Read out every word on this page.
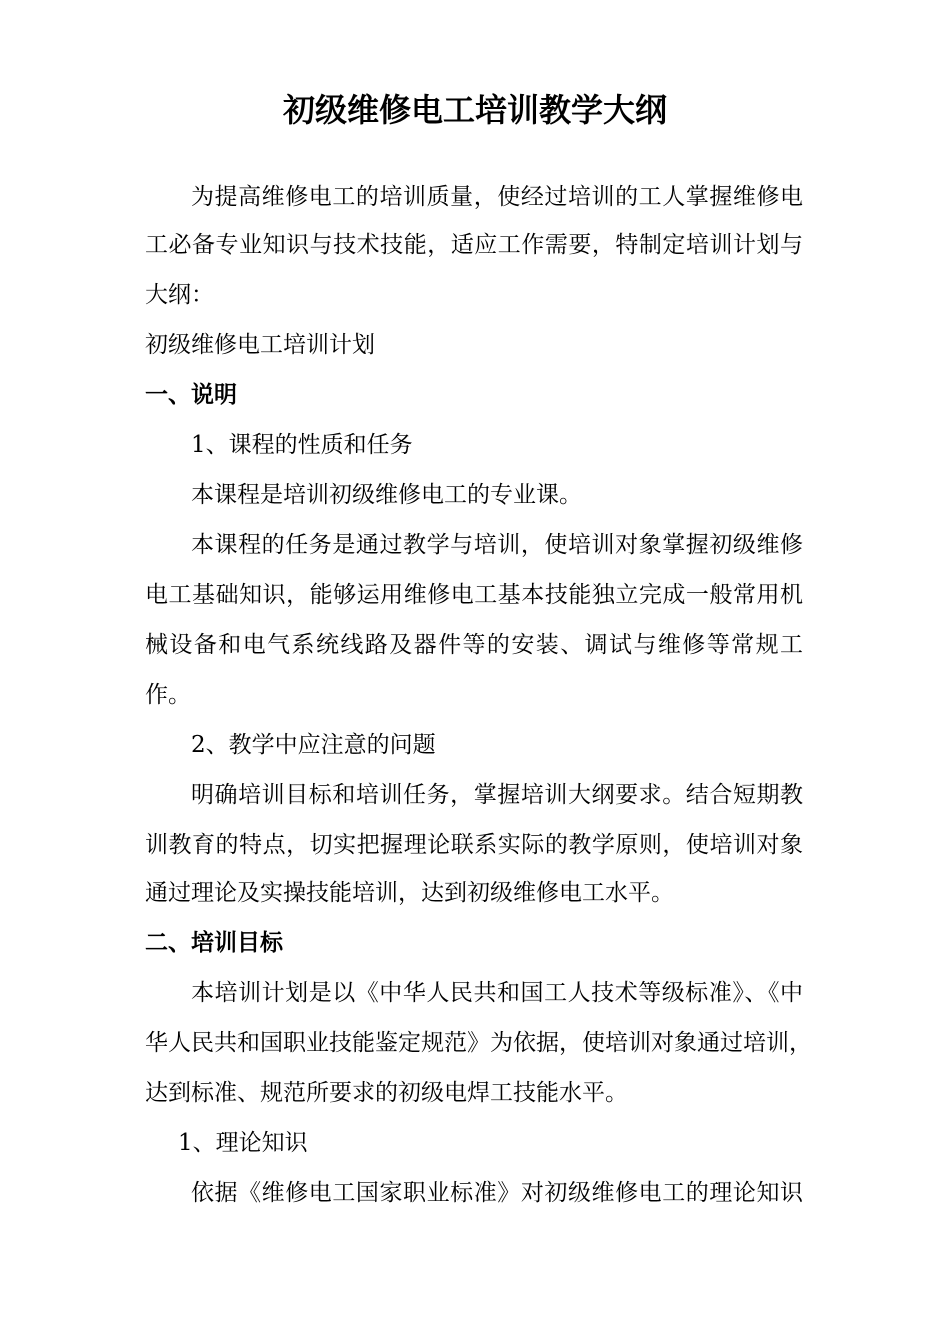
初级维修电工培训教学大纲
为提高维修电工的培训质量，使经过培训的工人掌握维修电
工必备专业知识与技术技能，适应工作需要，特制定培训计划与
大纲：
初级维修电工培训计划
一、说明
1、课程的性质和任务
本课程是培训初级维修电工的专业课。
本课程的任务是通过教学与培训，使培训对象掌握初级维修
电工基础知识，能够运用维修电工基本技能独立完成一般常用机
械设备和电气系统线路及器件等的安装、调试与维修等常规工
作。
2、教学中应注意的问题
明确培训目标和培训任务，掌握培训大纲要求。结合短期教
训教育的特点，切实把握理论联系实际的教学原则，使培训对象
通过理论及实操技能培训，达到初级维修电工水平。
二、培训目标
本培训计划是以《中华人民共和国工人技术等级标准》、《中
华人民共和国职业技能鉴定规范》为依据，使培训对象通过培训，
达到标准、规范所要求的初级电焊工技能水平。
1、理论知识
依据《维修电工国家职业标准》对初级维修电工的理论知识
